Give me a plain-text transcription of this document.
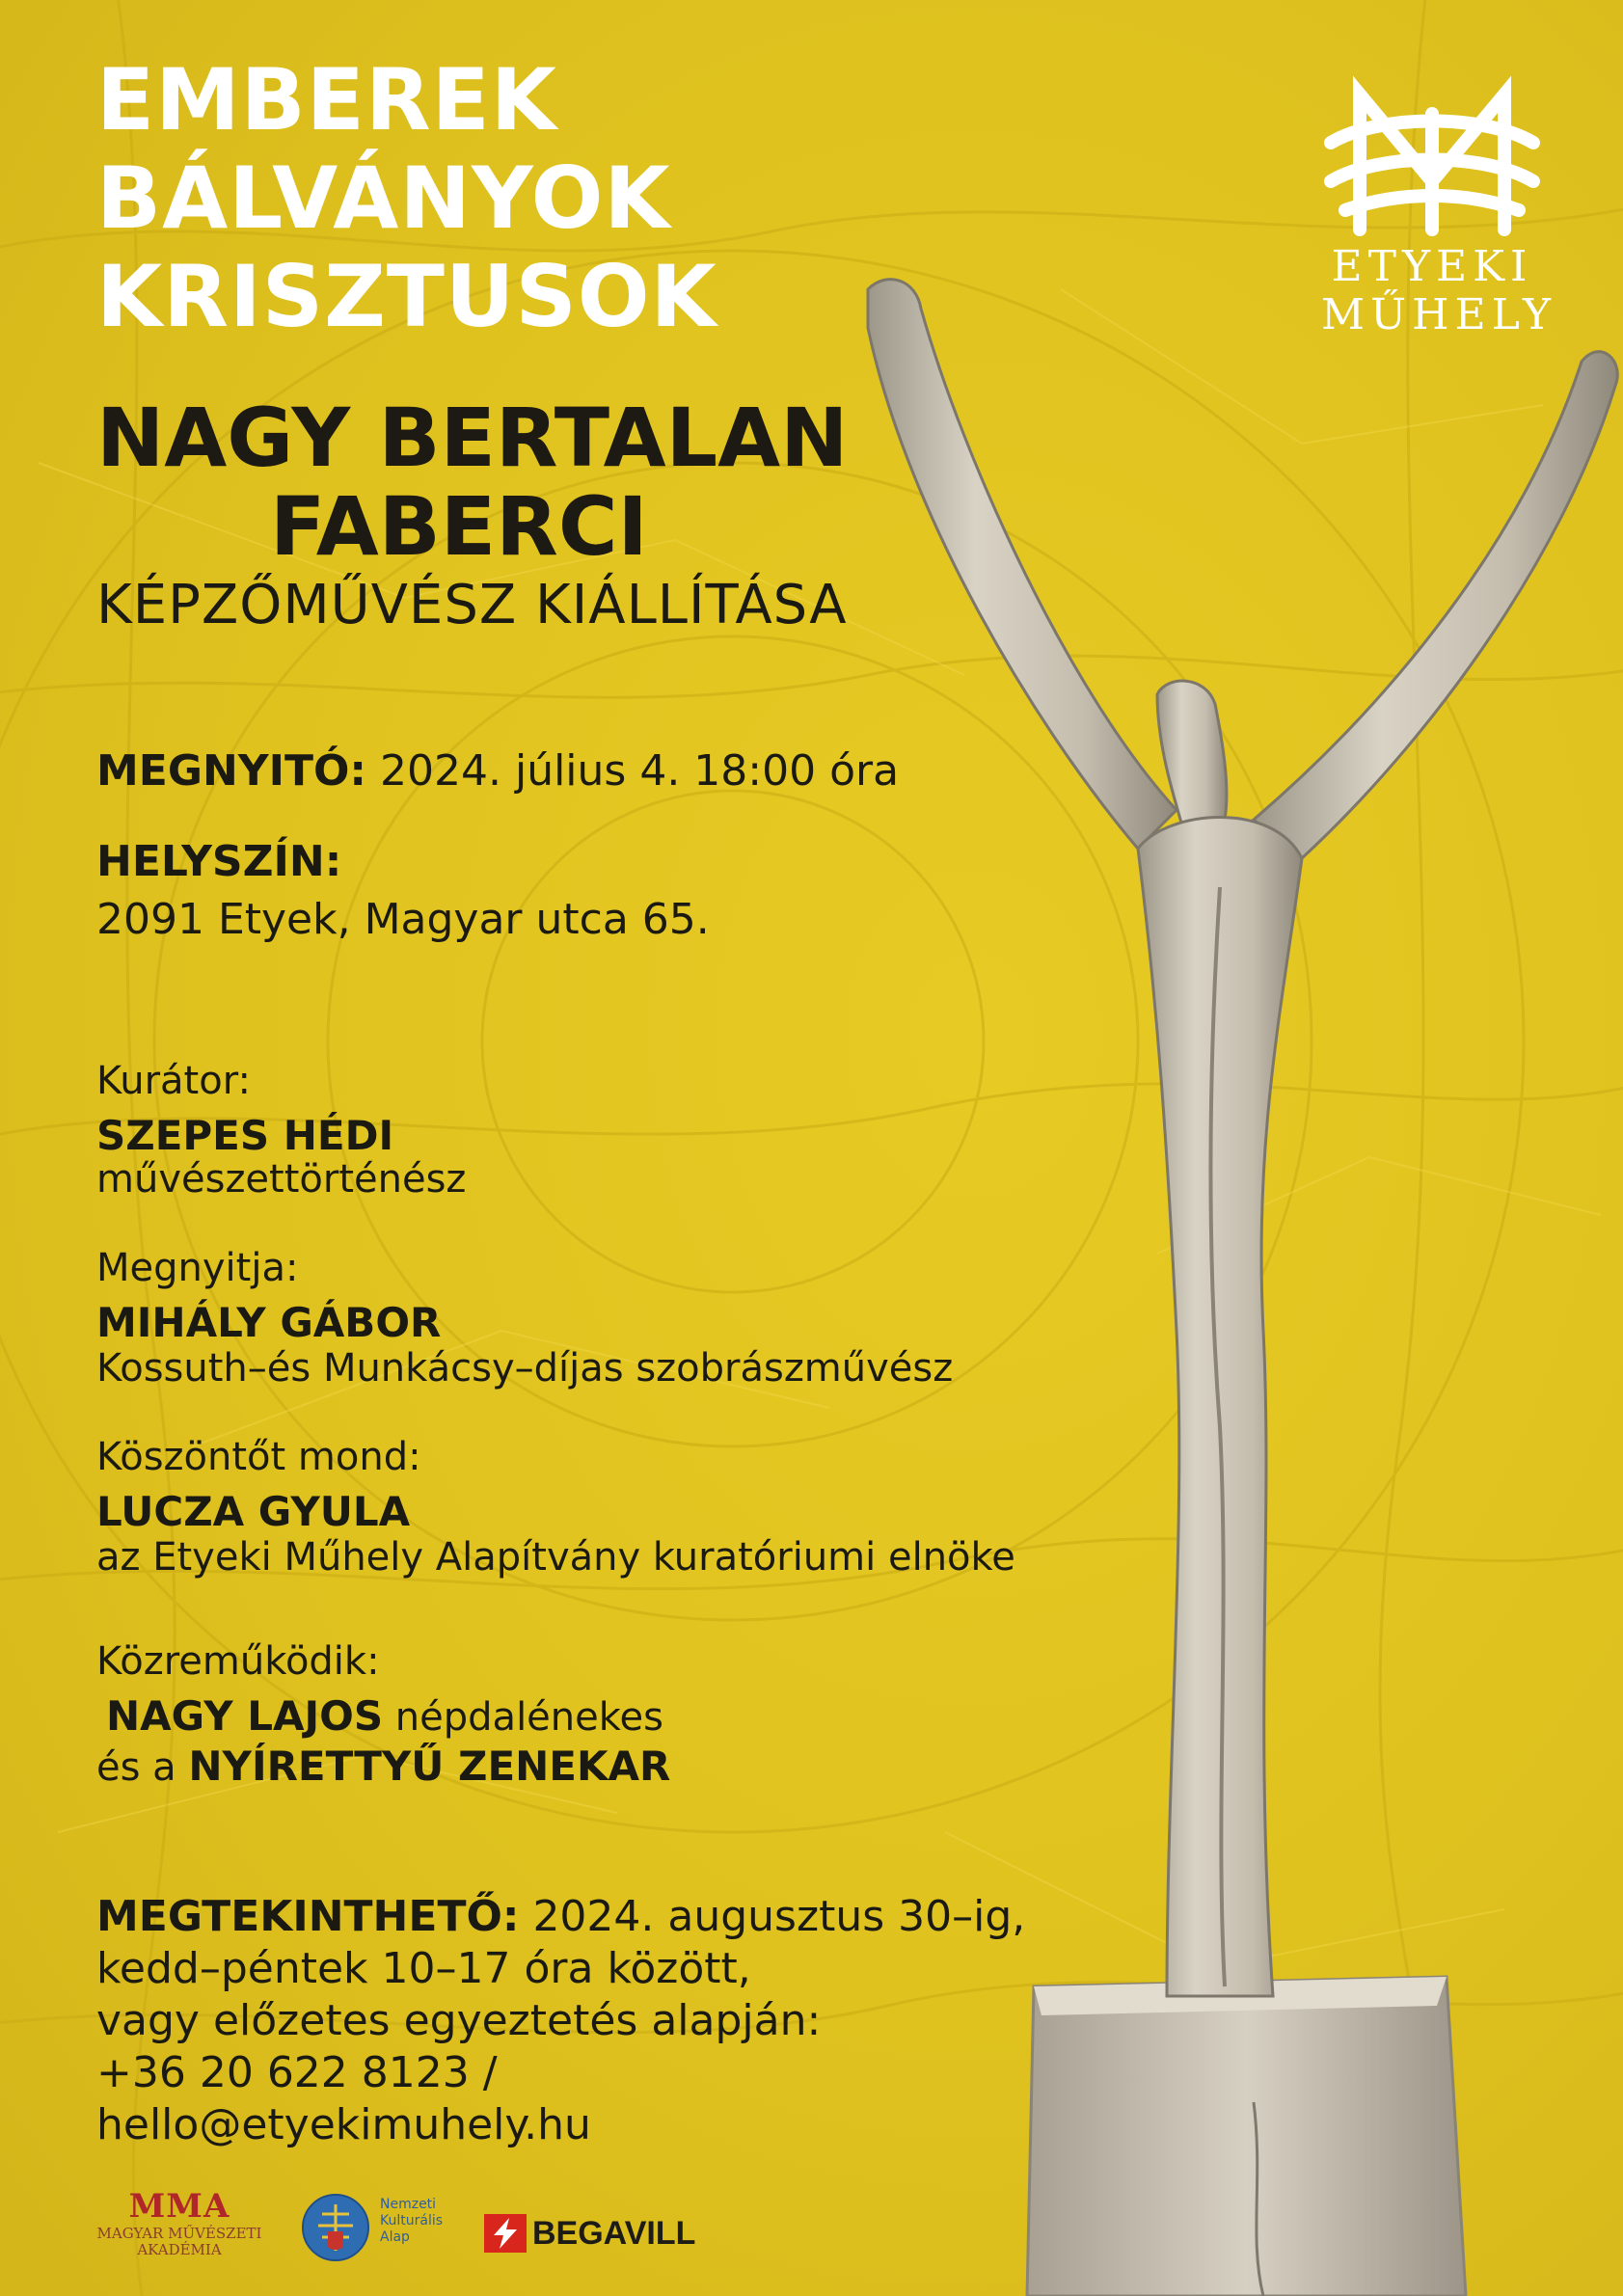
EMBEREK
BÁLVÁNYOK
KRISZTUSOK	ETYEKI
MŰHELY
NAGY BERTALAN
FABERCI
KÉPZŐMŰVÉSZ KIÁLLÍTÁSA
MEGNYITÓ: 2024. július 4. 18:00 óra
HELYSZÍN:
2091 Etyek, Magyar utca 65.
Kurátor:
SZEPES HÉDI
művészettörténész
Megnyitja:
MIHÁLY GÁBOR
Kossuth–és Munkácsy–díjas szobrászművész
Köszöntőt mond:
LUCZA GYULA
az Etyeki Műhely Alapítvány kuratóriumi elnöke
Közreműködik:
NAGY LAJOS népdalénekes
és a NYÍRETTYŰ ZENEKAR
MEGTEKINTHETŐ: 2024. augusztus 30–ig,
kedd–péntek 10–17 óra között,
vagy előzetes egyeztetés alapján:
+36 20 622 8123 /
hello@etyekimuhely.hu
MMA
MAGYAR MŰVÉSZETI
AKADÉMIA
Nemzeti
Kulturális
Alap	BEGAVILL
